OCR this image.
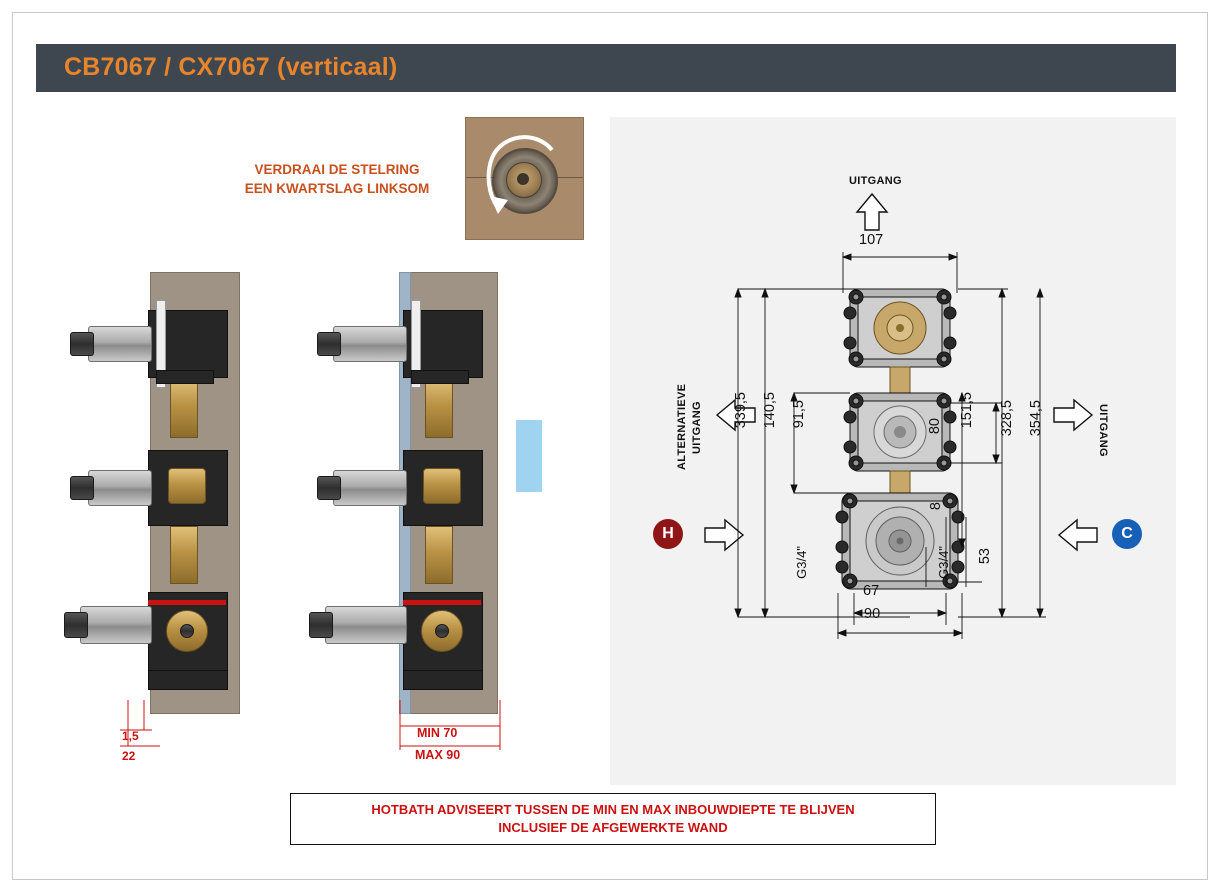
CB7067 / CX7067 (verticaal)
VERDRAAI DE STELRING
EEN KWARTSLAG LINKSOM
1,5
22
MIN 70
MAX 90
UITGANG
ALTERNATIEVE UITGANG	UITGANG
H	C
107
339,5 140,5 91,5	80 151,5 328,5 354,5
8
53
67
90
G3/4"	G3/4"
HOTBATH ADVISEERT TUSSEN DE MIN EN MAX INBOUWDIEPTE TE BLIJVEN
INCLUSIEF DE AFGEWERKTE WAND
